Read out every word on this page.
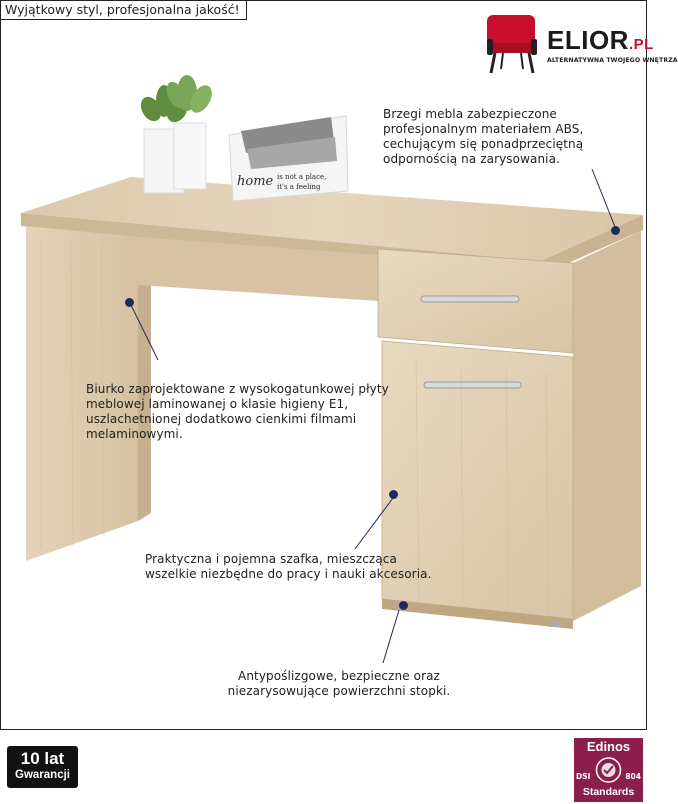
home is not a place,
it's a feeling
Wyjątkowy styl, profesjonalna jakość!
ELIOR.PL
ALTERNATYWNA TWOJEGO WNĘTRZA
Brzegi mebla zabezpieczone profesjonalnym materiałem ABS, cechującym się ponadprzeciętną odpornością na zarysowania.
Biurko zaprojektowane z wysokogatunkowej płyty meblowej laminowanej o klasie higieny E1, uszlachetnionej dodatkowo cienkimi filmami melaminowymi.
Praktyczna i pojemna szafka, mieszcząca wszelkie niezbędne do pracy i nauki akcesoria.
Antypoślizgowe, bezpieczne oraz niezarysowujące powierzchni stopki.
10 lat
Gwarancji
Edinos
DSI	804
Standards
